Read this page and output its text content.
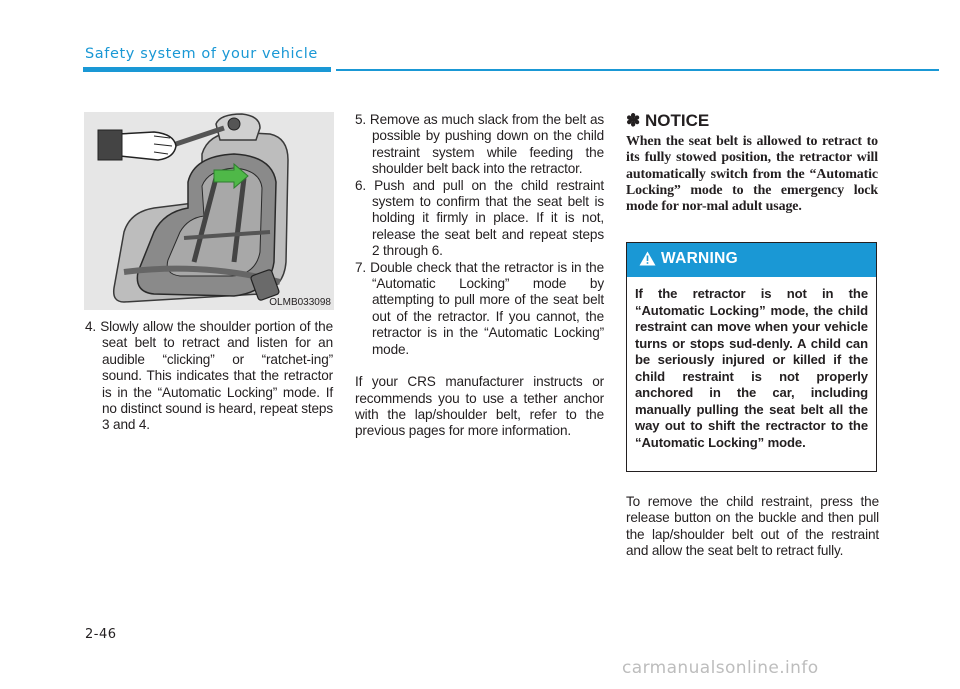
Safety system of your vehicle
OLMB033098
4. Slowly allow the shoulder portion of the seat belt to retract and listen for an audible “clicking” or “ratchet-ing” sound. This indicates that the retractor is in the “Automatic Locking” mode. If no distinct sound is heard, repeat steps 3 and 4.
5. Remove as much slack from the belt as possible by pushing down on the child restraint system while feeding the shoulder belt back into the retractor.
6. Push and pull on the child restraint system to confirm that the seat belt is holding it firmly in place. If it is not, release the seat belt and repeat steps 2 through 6.
7. Double check that the retractor is in the “Automatic Locking” mode by attempting to pull more of the seat belt out of the retractor. If you cannot, the retractor is in the “Automatic Locking” mode.
If your CRS manufacturer instructs or recommends you to use a tether anchor with the lap/shoulder belt, refer to the previous pages for more information.
✽ NOTICE
When the seat belt is allowed to retract to its fully stowed position, the retractor will automatically switch from the “Automatic Locking” mode to the emergency lock mode for nor-mal adult usage.
WARNING
If the retractor is not in the “Automatic Locking” mode, the child restraint can move when your vehicle turns or stops sud-denly. A child can be seriously injured or killed if the child restraint is not properly anchored in the car, including manually pulling the seat belt all the way out to shift the rectractor to the “Automatic Locking” mode.
To remove the child restraint, press the release button on the buckle and then pull the lap/shoulder belt out of the restraint and allow the seat belt to retract fully.
2-46
carmanualsonline.info
